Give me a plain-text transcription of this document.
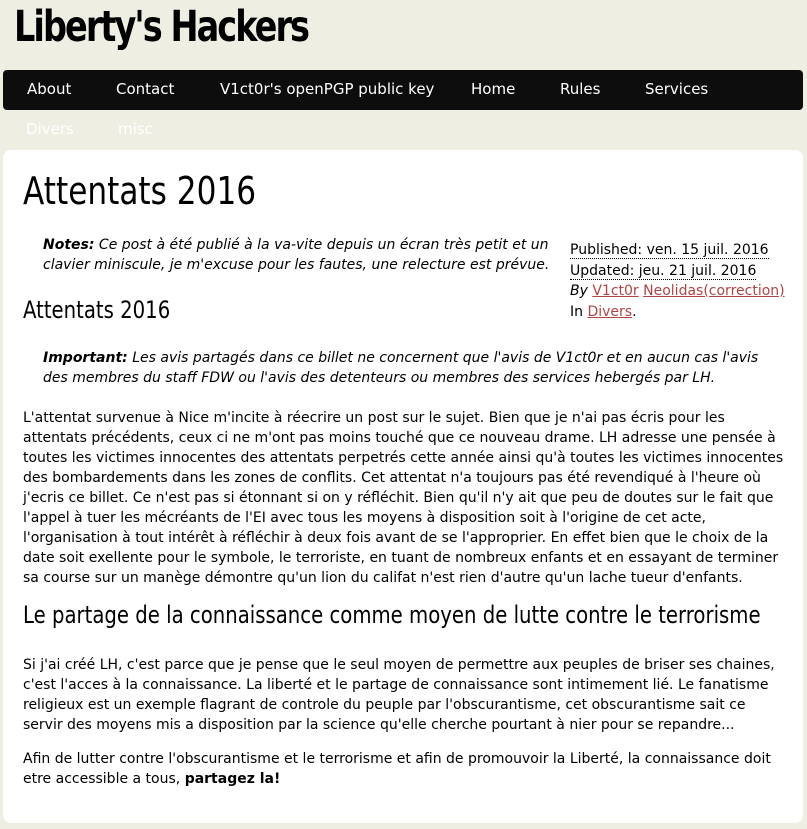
Liberty's Hackers
About	Contact	V1ct0r's openPGP public key Home	Rules	Services
Divers	misc
Attentats 2016
Notes: Ce post à été publié à la va-vite depuis un écran très petit et un clavier miniscule, je m'excuse pour les fautes, une relecture est prévue.
Published: ven. 15 juil. 2016
Updated: jeu. 21 juil. 2016
By V1ct0r Neolidas(correction)
In Divers.
Attentats 2016
Important: Les avis partagés dans ce billet ne concernent que l'avis de V1ct0r et en aucun cas l'avis des membres du staff FDW ou l'avis des detenteurs ou membres des services hebergés par LH.

L'attentat survenue à Nice m'incite à réecrire un post sur le sujet. Bien que je n'ai pas écris pour les attentats précédents, ceux ci ne m'ont pas moins touché que ce nouveau drame. LH adresse une pensée à toutes les victimes innocentes des attentats perpetrés cette année ainsi qu'à toutes les victimes innocentes des bombardements dans les zones de conflits. Cet attentat n'a toujours pas été revendiqué à l'heure où j'ecris ce billet. Ce n'est pas si étonnant si on y réfléchit. Bien qu'il n'y ait que peu de doutes sur le fait que l'appel à tuer les mécréants de l'EI avec tous les moyens à disposition soit à l'origine de cet acte, l'organisation à tout intérêt à réfléchir à deux fois avant de se l'approprier. En effet bien que le choix de la date soit exellente pour le symbole, le terroriste, en tuant de nombreux enfants et en essayant de terminer sa course sur un manège démontre qu'un lion du califat n'est rien d'autre qu'un lache tueur d'enfants.

Le partage de la connaissance comme moyen de lutte contre le terrorisme

Si j'ai créé LH, c'est parce que je pense que le seul moyen de permettre aux peuples de briser ses chaines, c'est l'acces à la connaissance. La liberté et le partage de connaissance sont intimement lié. Le fanatisme religieux est un exemple flagrant de controle du peuple par l'obscurantisme, cet obscurantisme sait ce servir des moyens mis a disposition par la science qu'elle cherche pourtant à nier pour se repandre...

Afin de lutter contre l'obscurantisme et le terrorisme et afin de promouvoir la Liberté, la connaissance doit etre accessible a tous, partagez la!
